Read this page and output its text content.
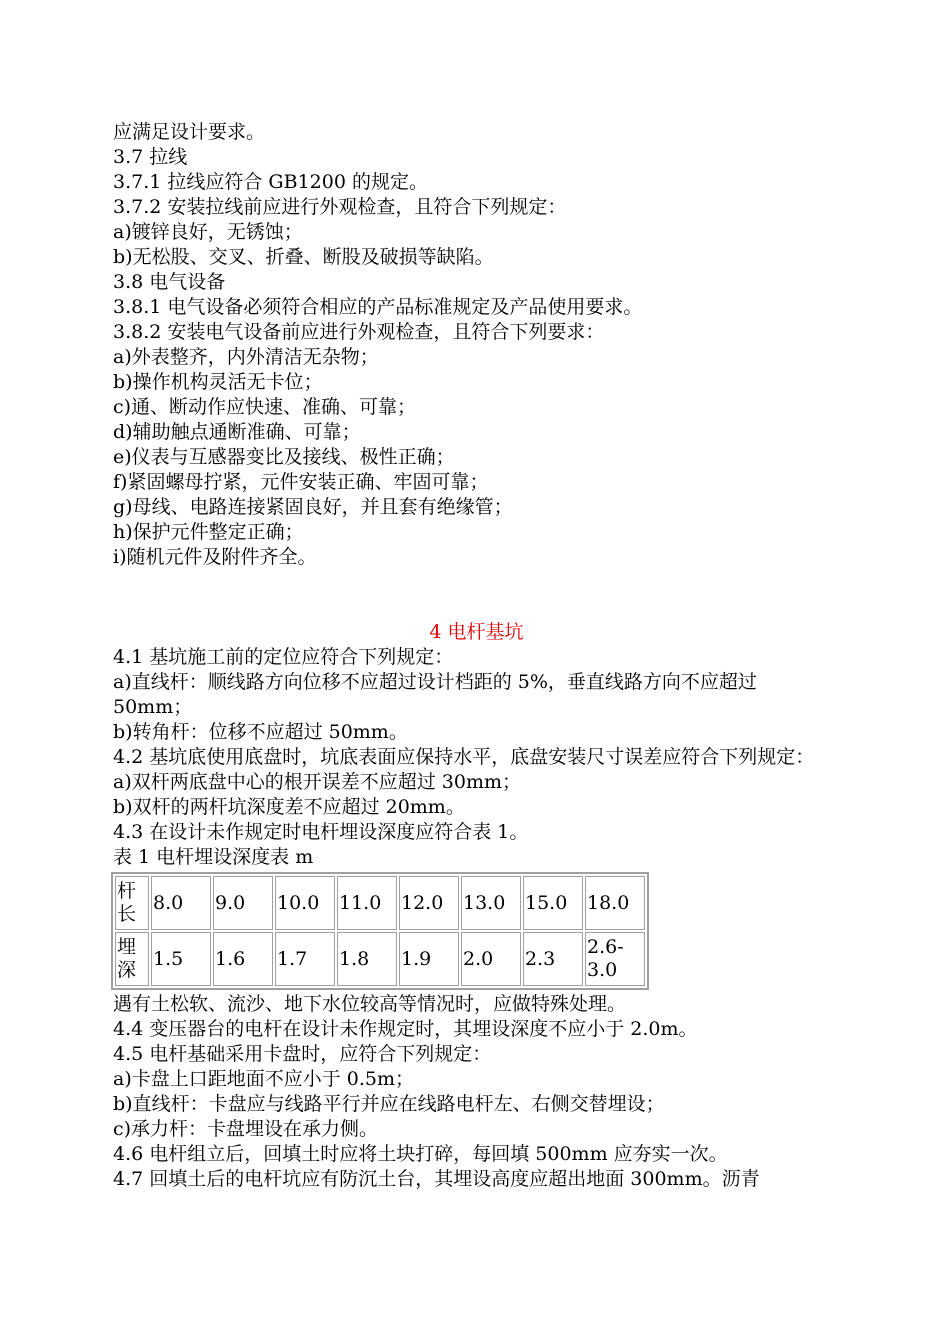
应满足设计要求。
3.7 拉线
3.7.1 拉线应符合 GB1200 的规定。
3.7.2 安装拉线前应进行外观检查，且符合下列规定：
a)镀锌良好，无锈蚀；
b)无松股、交叉、折叠、断股及破损等缺陷。
3.8 电气设备
3.8.1 电气设备必须符合相应的产品标准规定及产品使用要求。
3.8.2 安装电气设备前应进行外观检查，且符合下列要求：
a)外表整齐，内外清洁无杂物；
b)操作机构灵活无卡位；
c)通、断动作应快速、准确、可靠；
d)辅助触点通断准确、可靠；
e)仪表与互感器变比及接线、极性正确；
f)紧固螺母拧紧，元件安装正确、牢固可靠；
g)母线、电路连接紧固良好，并且套有绝缘管；
h)保护元件整定正确；
i)随机元件及附件齐全。
4 电杆基坑
4.1 基坑施工前的定位应符合下列规定：
a)直线杆：顺线路方向位移不应超过设计档距的 5%，垂直线路方向不应超过 50mm；
b)转角杆：位移不应超过 50mm。
4.2 基坑底使用底盘时，坑底表面应保持水平，底盘安装尺寸误差应符合下列规定：
a)双杆两底盘中心的根开误差不应超过 30mm；
b)双杆的两杆坑深度差不应超过 20mm。
4.3 在设计未作规定时电杆埋设深度应符合表 1。
表 1 电杆埋设深度表 m
杆长	8.0	9.0	10.0	11.0	12.0	13.0	15.0	18.0
埋深	1.5	1.6	1.7	1.8	1.9	2.0	2.3	2.6-3.0
遇有土松软、流沙、地下水位较高等情况时，应做特殊处理。
4.4 变压器台的电杆在设计未作规定时，其埋设深度不应小于 2.0m。
4.5 电杆基础采用卡盘时，应符合下列规定：
a)卡盘上口距地面不应小于 0.5m；
b)直线杆：卡盘应与线路平行并应在线路电杆左、右侧交替埋设；
c)承力杆：卡盘埋设在承力侧。
4.6 电杆组立后，回填土时应将土块打碎，每回填 500mm 应夯实一次。
4.7 回填土后的电杆坑应有防沉土台，其埋设高度应超出地面 300mm。沥青
